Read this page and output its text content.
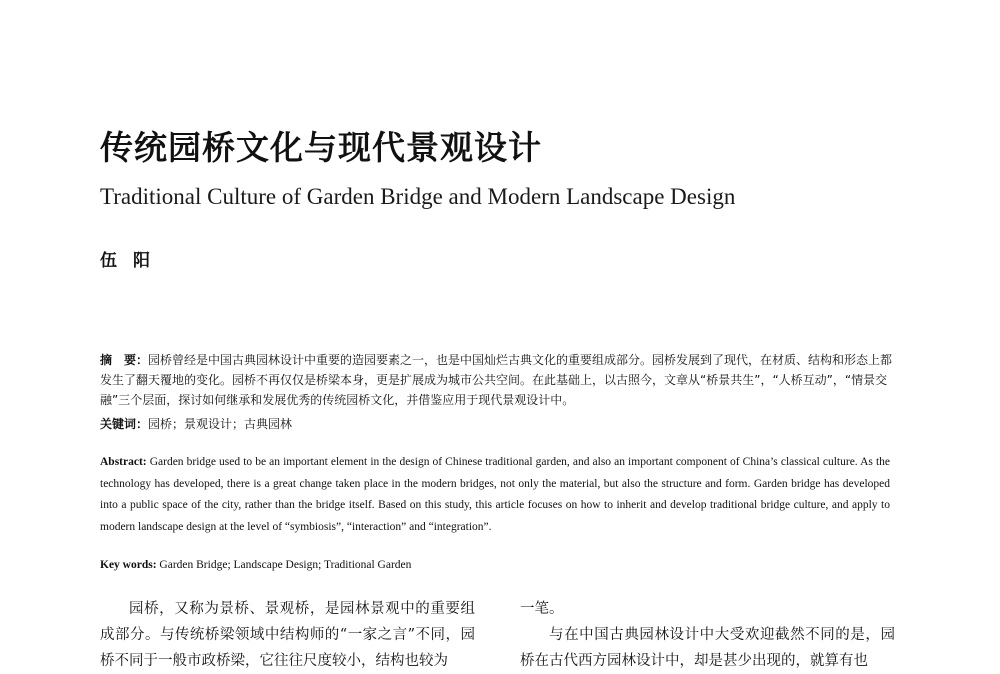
传统园桥文化与现代景观设计
Traditional Culture of Garden Bridge and Modern Landscape Design
伍阳
摘　要：园桥曾经是中国古典园林设计中重要的造园要素之一，也是中国灿烂古典文化的重要组成部分。园桥发展到了现代，在材质、结构和形态上都发生了翻天覆地的变化。园桥不再仅仅是桥梁本身，更是扩展成为城市公共空间。在此基础上，以古照今，文章从“桥景共生”，“人桥互动”，“情景交融”三个层面，探讨如何继承和发展优秀的传统园桥文化，并借鉴应用于现代景观设计中。
关键词：园桥；景观设计；古典园林
Abstract: Garden bridge used to be an important element in the design of Chinese traditional garden, and also an important component of China’s classical culture. As the technology has developed, there is a great change taken place in the modern bridges, not only the material, but also the structure and form. Garden bridge has developed into a public space of the city, rather than the bridge itself. Based on this study, this article focuses on how to inherit and develop traditional bridge culture, and apply to modern landscape design at the level of “symbiosis”, “interaction” and “integration”.
Key words: Garden Bridge; Landscape Design; Traditional Garden

园桥，又称为景桥、景观桥，是园林景观中的重要组成部分。与传统桥梁领域中结构师的“一家之言”不同，园桥不同于一般市政桥梁，它往往尺度较小，结构也较为

一笔。

与在中国古典园林设计中大受欢迎截然不同的是，园桥在古代西方园林设计中，却是甚少出现的，就算有也
